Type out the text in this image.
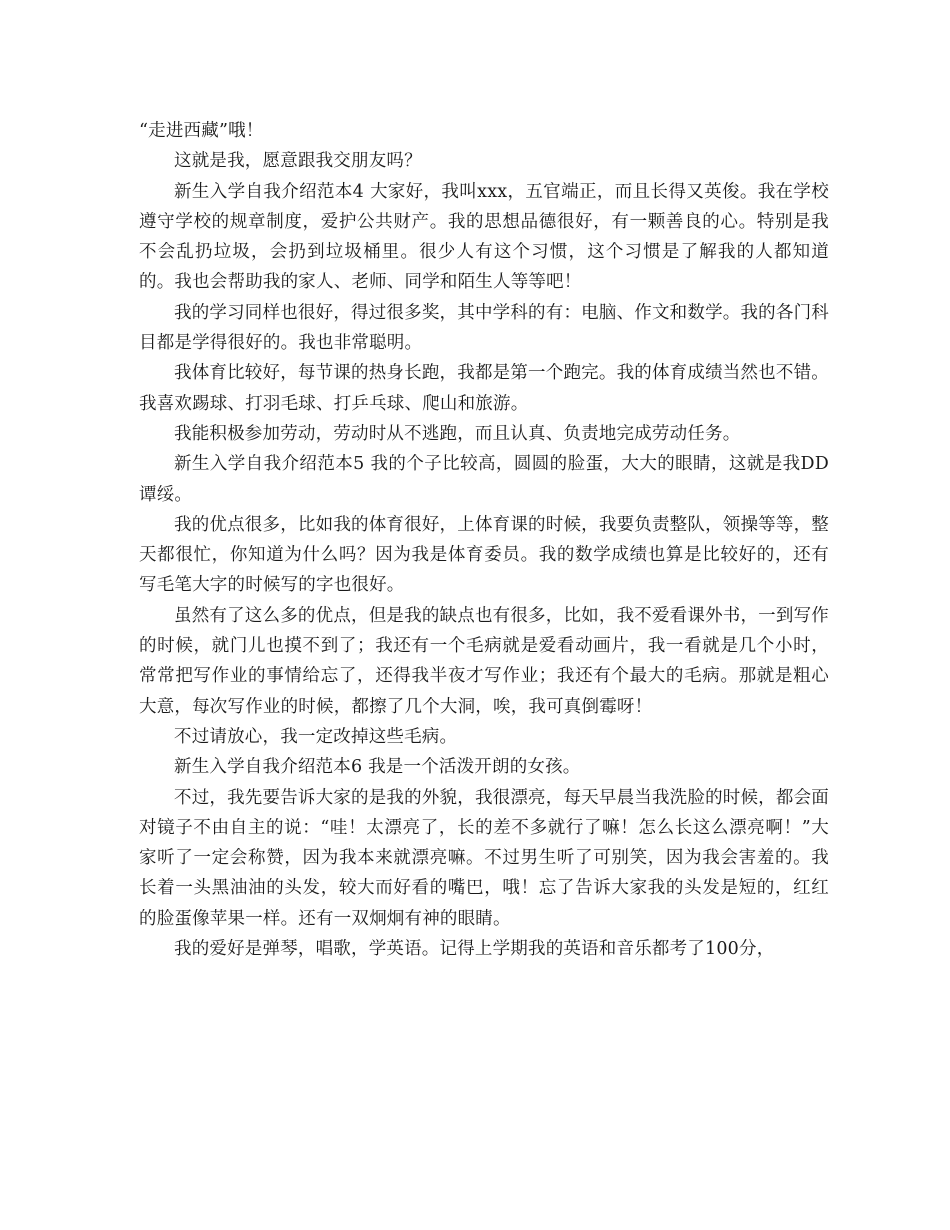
“走进西藏”哦！

这就是我，愿意跟我交朋友吗？

新生入学自我介绍范本4 大家好，我叫xxx，五官端正，而且长得又英俊。我在学校遵守学校的规章制度，爱护公共财产。我的思想品德很好，有一颗善良的心。特别是我不会乱扔垃圾，会扔到垃圾桶里。很少人有这个习惯，这个习惯是了解我的人都知道的。我也会帮助我的家人、老师、同学和陌生人等等吧！

我的学习同样也很好，得过很多奖，其中学科的有：电脑、作文和数学。我的各门科目都是学得很好的。我也非常聪明。

我体育比较好，每节课的热身长跑，我都是第一个跑完。我的体育成绩当然也不错。我喜欢踢球、打羽毛球、打乒乓球、爬山和旅游。

我能积极参加劳动，劳动时从不逃跑，而且认真、负责地完成劳动任务。

新生入学自我介绍范本5 我的个子比较高，圆圆的脸蛋，大大的眼睛，这就是我DD谭绥。

我的优点很多，比如我的体育很好，上体育课的时候，我要负责整队，领操等等，整天都很忙，你知道为什么吗？因为我是体育委员。我的数学成绩也算是比较好的，还有写毛笔大字的时候写的字也很好。

虽然有了这么多的优点，但是我的缺点也有很多，比如，我不爱看课外书，一到写作的时候，就门儿也摸不到了；我还有一个毛病就是爱看动画片，我一看就是几个小时，常常把写作业的事情给忘了，还得我半夜才写作业；我还有个最大的毛病。那就是粗心大意，每次写作业的时候，都擦了几个大洞，唉，我可真倒霉呀！

不过请放心，我一定改掉这些毛病。

新生入学自我介绍范本6 我是一个活泼开朗的女孩。

不过，我先要告诉大家的是我的外貌，我很漂亮，每天早晨当我洗脸的时候，都会面对镜子不由自主的说：“哇！太漂亮了，长的差不多就行了嘛！怎么长这么漂亮啊！”大家听了一定会称赞，因为我本来就漂亮嘛。不过男生听了可别笑，因为我会害羞的。我长着一头黑油油的头发，较大而好看的嘴巴，哦！忘了告诉大家我的头发是短的，红红的脸蛋像苹果一样。还有一双炯炯有神的眼睛。

我的爱好是弹琴，唱歌，学英语。记得上学期我的英语和音乐都考了100分，
